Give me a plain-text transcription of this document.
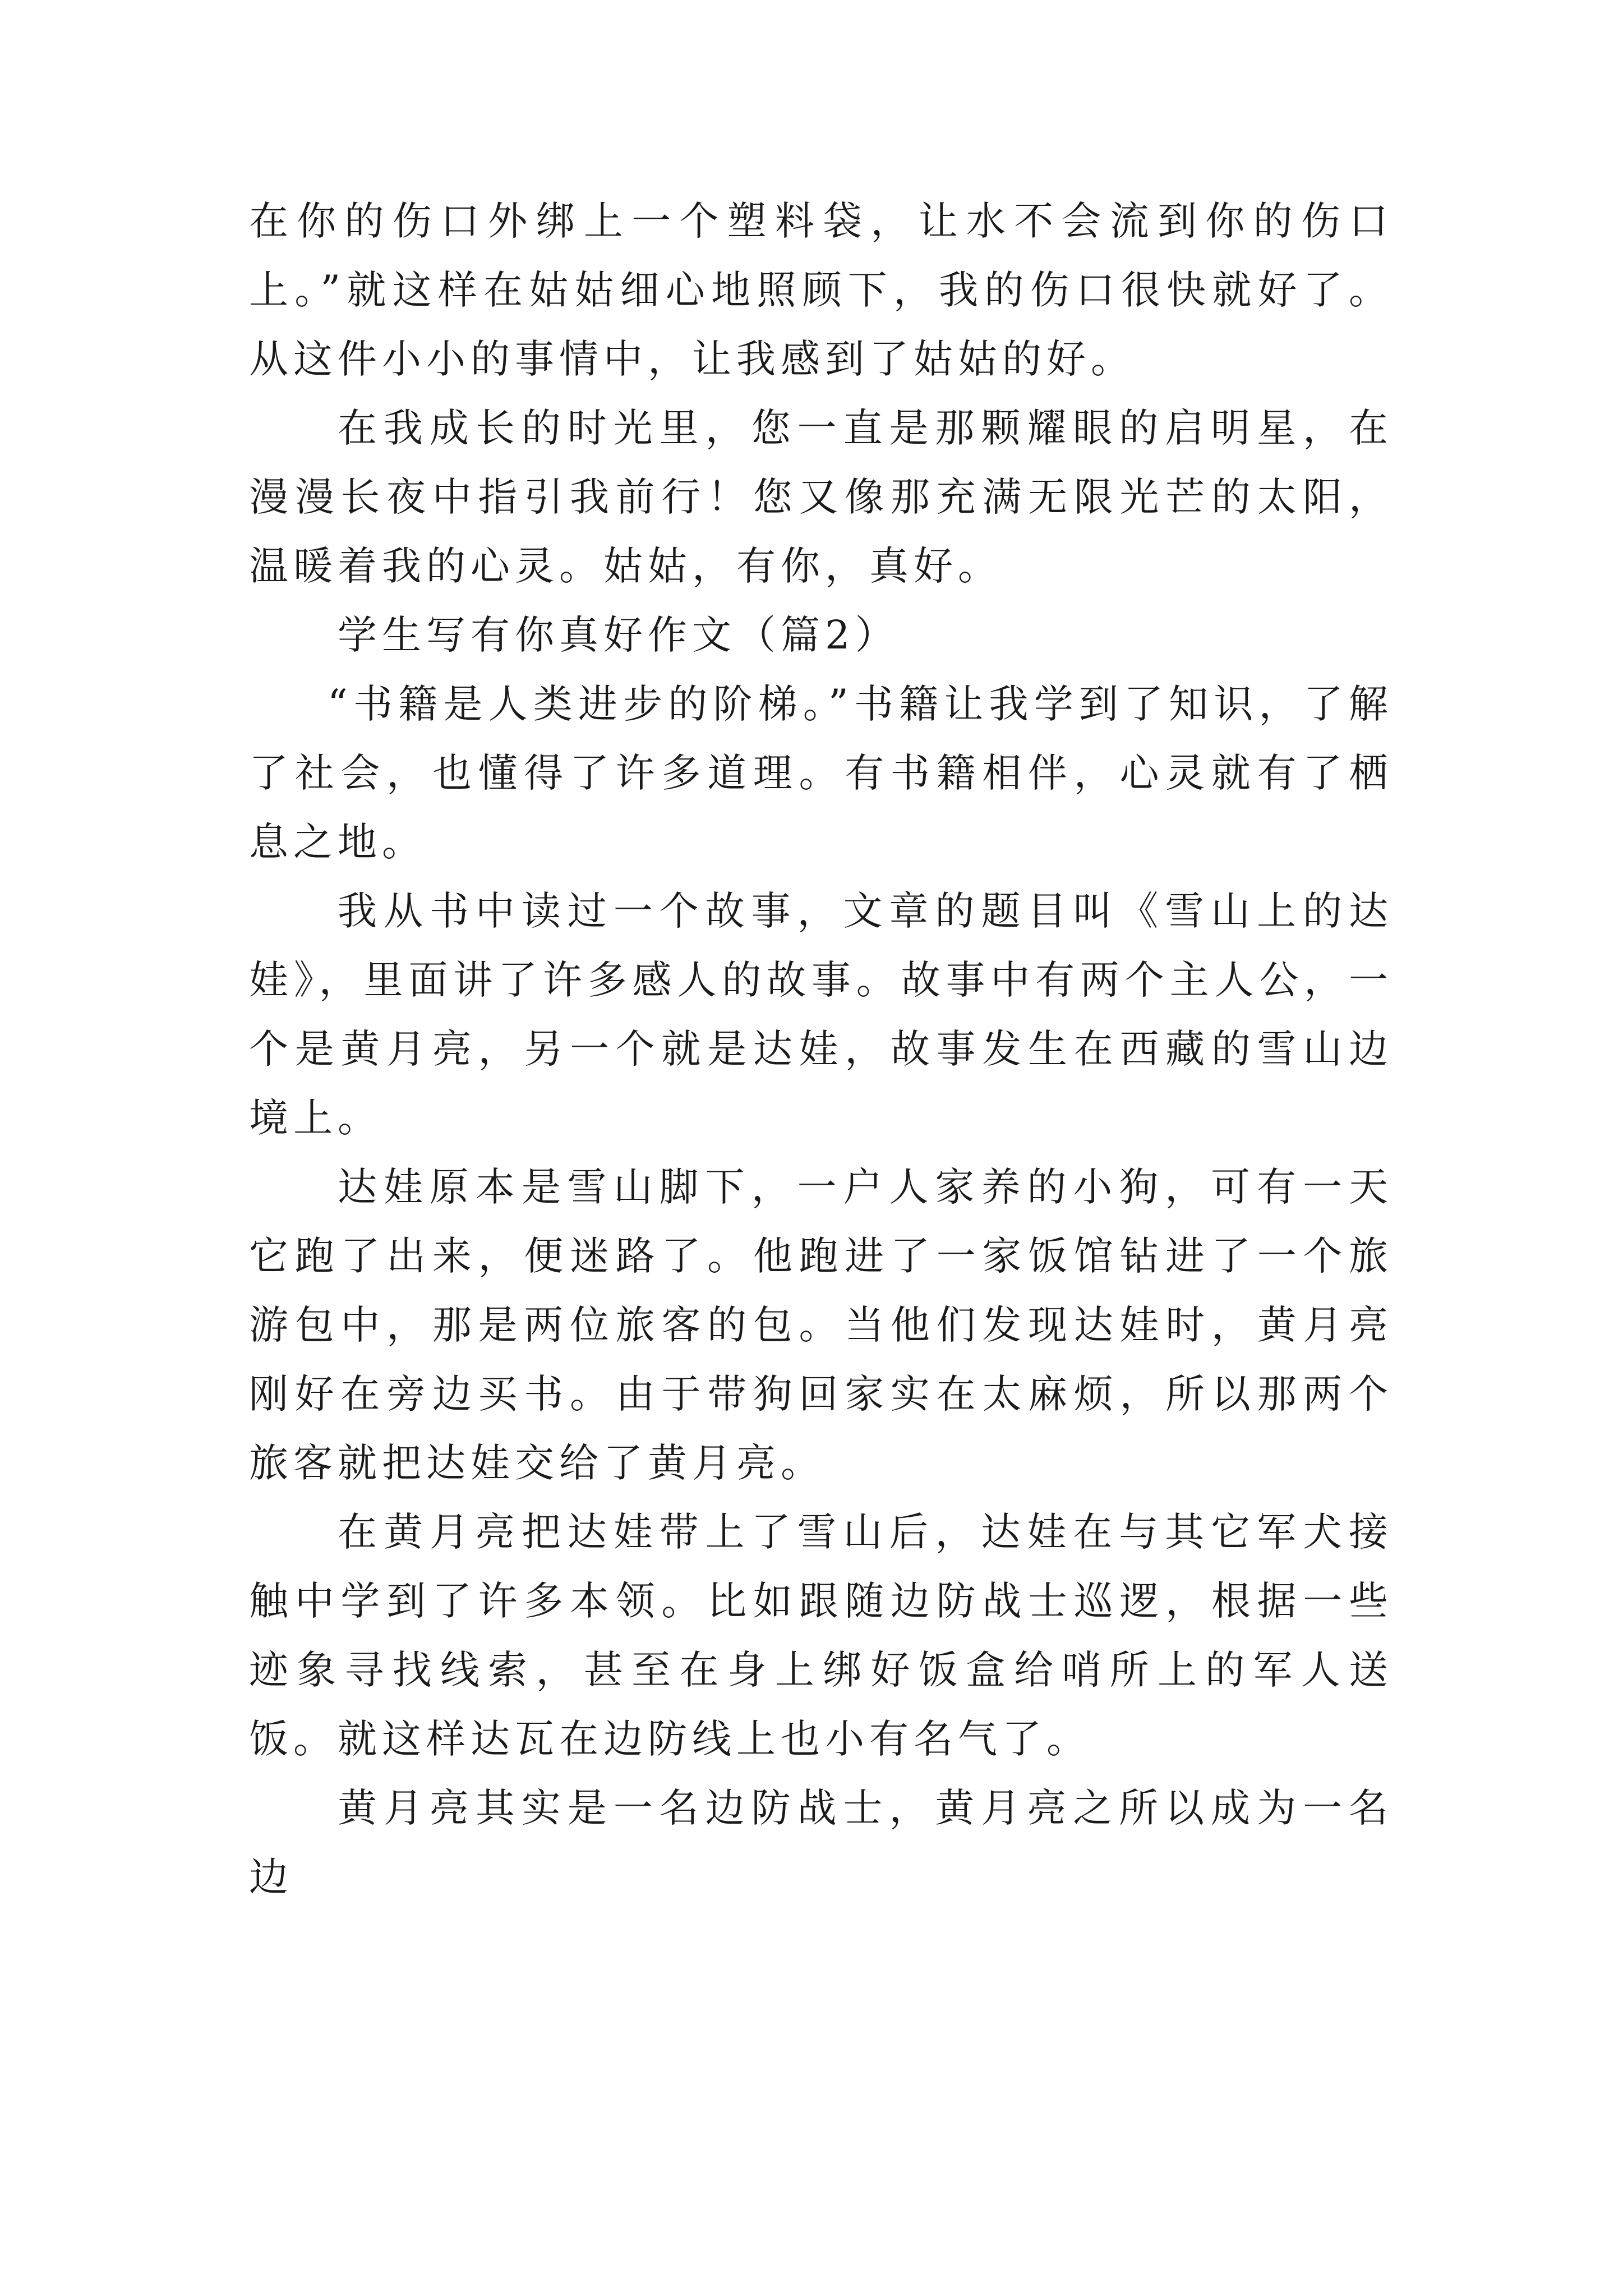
在你的伤口外绑上一个塑料袋，让水不会流到你的伤口上。”就这样在姑姑细心地照顾下，我的伤口很快就好了。从这件小小的事情中，让我感到了姑姑的好。

在我成长的时光里，您一直是那颗耀眼的启明星，在漫漫长夜中指引我前行！您又像那充满无限光芒的太阳，温暖着我的心灵。姑姑，有你，真好。

学生写有你真好作文（篇2）

“书籍是人类进步的阶梯。”书籍让我学到了知识，了解了社会，也懂得了许多道理。有书籍相伴，心灵就有了栖息之地。

我从书中读过一个故事，文章的题目叫《雪山上的达娃》，里面讲了许多感人的故事。故事中有两个主人公，一个是黄月亮，另一个就是达娃，故事发生在西藏的雪山边境上。

达娃原本是雪山脚下，一户人家养的小狗，可有一天它跑了出来，便迷路了。他跑进了一家饭馆钻进了一个旅游包中，那是两位旅客的包。当他们发现达娃时，黄月亮刚好在旁边买书。由于带狗回家实在太麻烦，所以那两个旅客就把达娃交给了黄月亮。

在黄月亮把达娃带上了雪山后，达娃在与其它军犬接触中学到了许多本领。比如跟随边防战士巡逻，根据一些迹象寻找线索，甚至在身上绑好饭盒给哨所上的军人送饭。就这样达瓦在边防线上也小有名气了。

黄月亮其实是一名边防战士，黄月亮之所以成为一名边
